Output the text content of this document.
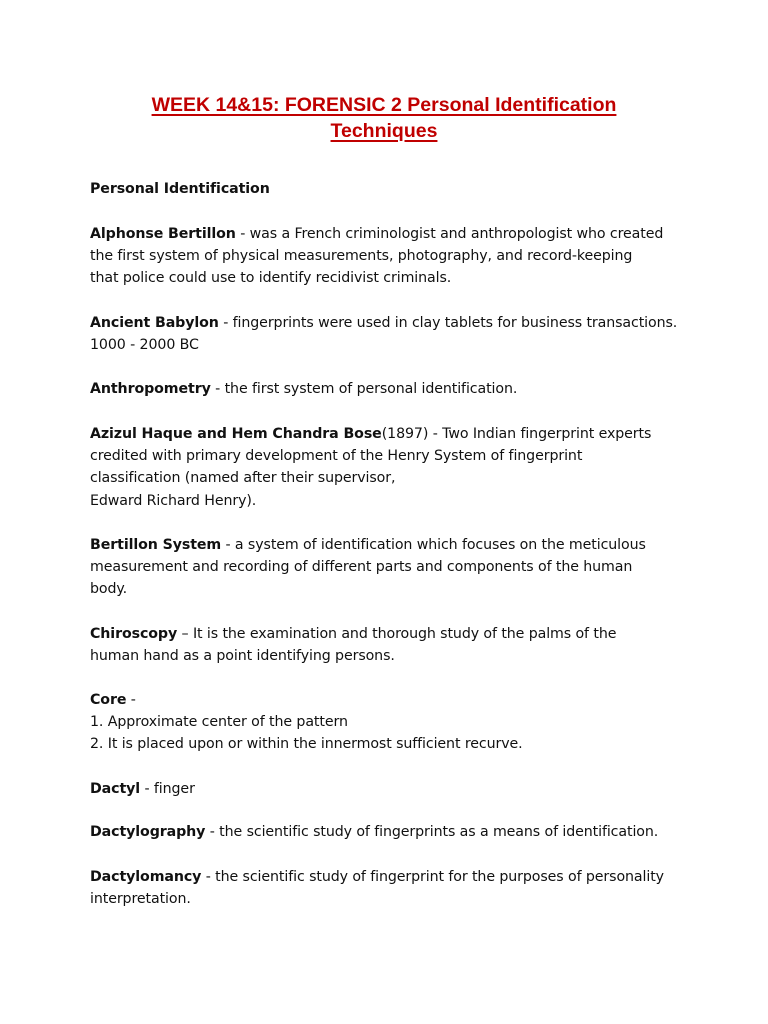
WEEK 14&15: FORENSIC 2 Personal Identification
Techniques

Personal Identification

Alphonse Bertillon - was a French criminologist and anthropologist who created
the first system of physical measurements, photography, and record-keeping
that police could use to identify recidivist criminals.

Ancient Babylon - fingerprints were used in clay tablets for business transactions.
1000 - 2000 BC

Anthropometry - the first system of personal identification.

Azizul Haque and Hem Chandra Bose(1897) - Two Indian fingerprint experts
credited with primary development of the Henry System of fingerprint
classification (named after their supervisor,
Edward Richard Henry).

Bertillon System - a system of identification which focuses on the meticulous
measurement and recording of different parts and components of the human
body.

Chiroscopy – It is the examination and thorough study of the palms of the
human hand as a point identifying persons.

Core -
1. Approximate center of the pattern
2. It is placed upon or within the innermost sufficient recurve.

Dactyl - finger

Dactylography - the scientific study of fingerprints as a means of identification.

Dactylomancy - the scientific study of fingerprint for the purposes of personality
interpretation.
